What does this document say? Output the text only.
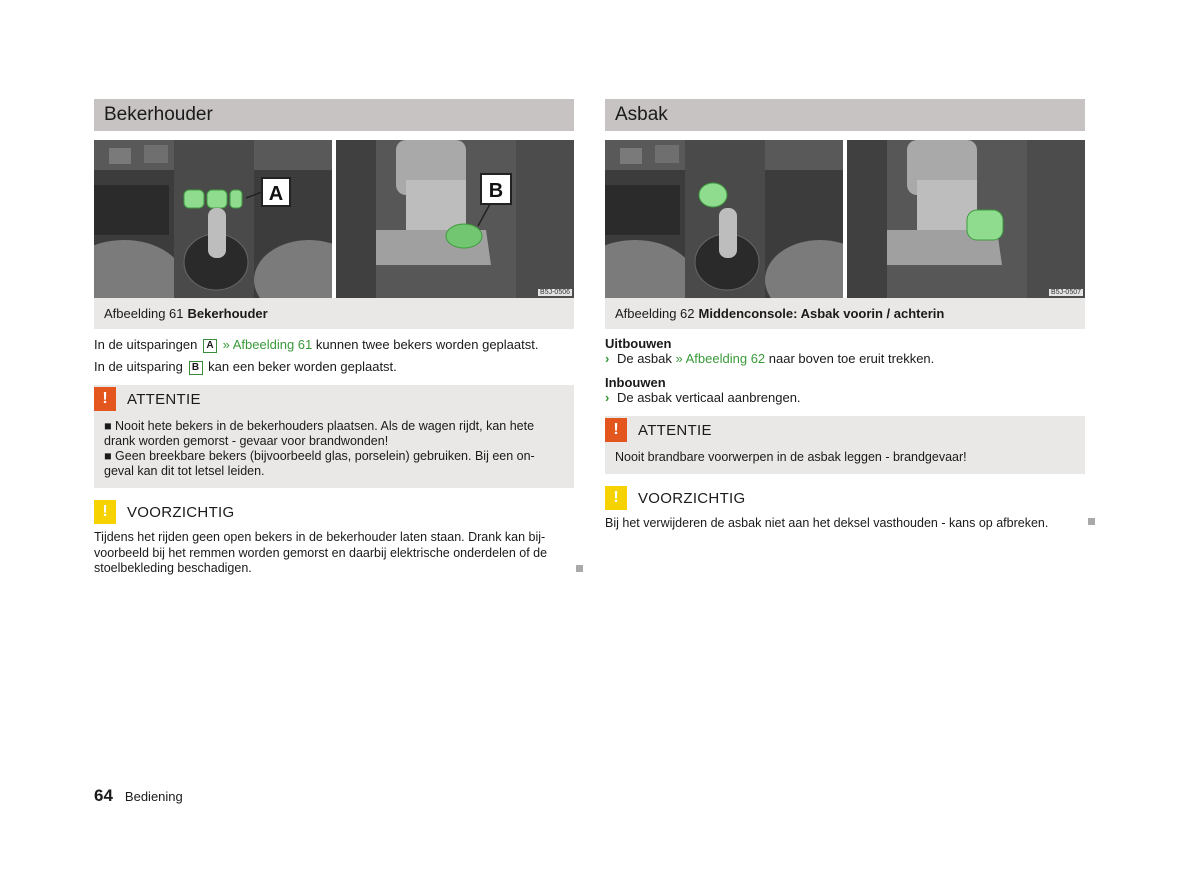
Bekerhouder
A	B
B5J-0506
Afbeelding 61 Bekerhouder

In de uitsparingen A » Afbeelding 61 kunnen twee bekers worden geplaatst.

In de uitsparing B kan een beker worden geplaatst.

!	ATTENTIE
■ Nooit hete bekers in de bekerhouders plaatsen. Als de wagen rijdt, kan hete drank worden gemorst - gevaar voor brandwonden!
■ Geen breekbare bekers (bijvoorbeeld glas, porselein) gebruiken. Bij een on-geval kan dit tot letsel leiden.
!	VOORZICHTIG
Tijdens het rijden geen open bekers in de bekerhouder laten staan. Drank kan bij-voorbeeld bij het remmen worden gemorst en daarbij elektrische onderdelen of de stoelbekleding beschadigen.
Asbak
B5J-0507
Afbeelding 62 Middenconsole: Asbak voorin / achterin
Uitbouwen
› De asbak » Afbeelding 62 naar boven toe eruit trekken.
Inbouwen
› De asbak verticaal aanbrengen.
!	ATTENTIE
Nooit brandbare voorwerpen in de asbak leggen - brandgevaar!
!	VOORZICHTIG
Bij het verwijderen de asbak niet aan het deksel vasthouden - kans op afbreken.
64 Bediening
